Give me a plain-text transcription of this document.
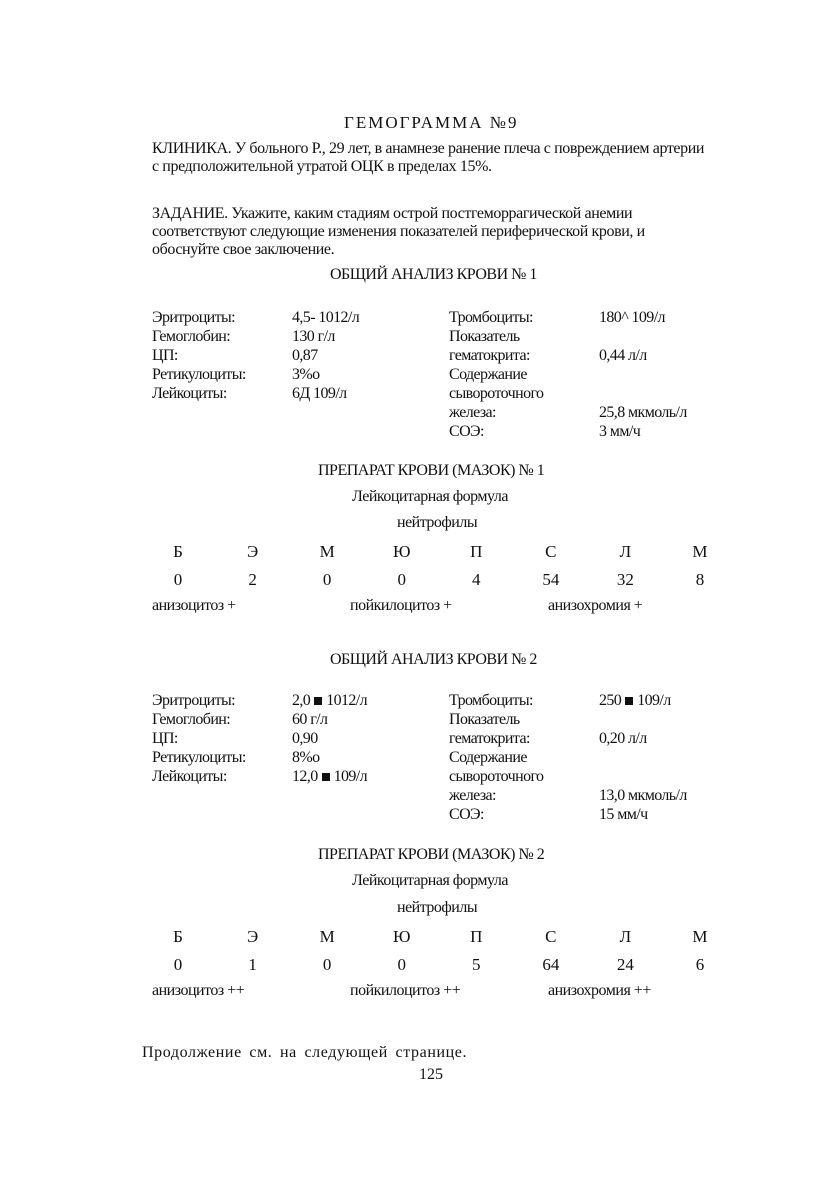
ГЕМОГРАММА №9
КЛИНИКА. У больного Р., 29 лет, в анамнезе ранение плеча с повреждением артерии с предположительной утратой ОЦК в пределах 15%.
ЗАДАНИЕ. Укажите, каким стадиям острой постгеморрагической анемии соответствуют следующие изменения показателей периферической крови, и обоснуйте свое заключение.
ОБЩИЙ АНАЛИЗ КРОВИ № 1
Эритроциты:	4,5- 1012/л
Гемоглобин:	130 г/л
ЦП:	0,87
Ретикулоциты:	3%о
Лейкоциты:	6Д 109/л
Тромбоциты:	180^ 109/л
Показатель
гематокрита:	0,44 л/л
Содержание
сывороточного
железа:	25,8 мкмоль/л
СОЭ:	3 мм/ч
ПРЕПАРАТ КРОВИ (МАЗОК) № 1
Лейкоцитарная формула
нейтрофилы
Б	Э	М	Ю	П	С	Л	М
0	2	0	0	4	54	32	8
анизоцитоз +	пойкилоцитоз +	анизохромия +
ОБЩИЙ АНАЛИЗ КРОВИ № 2
Эритроциты:	2,0 1012/л
Гемоглобин:	60 г/л
ЦП:	0,90
Ретикулоциты:	8%о
Лейкоциты:	12,0 109/л
Тромбоциты:	250 109/л
Показатель
гематокрита:	0,20 л/л
Содержание
сывороточного
железа:	13,0 мкмоль/л
СОЭ:	15 мм/ч
ПРЕПАРАТ КРОВИ (МАЗОК) № 2
Лейкоцитарная формула
нейтрофилы
Б	Э	М	Ю	П	С	Л	М
0	1	0	0	5	64	24	6
анизоцитоз ++	пойкилоцитоз ++	анизохромия ++
Продолжение см. на следующей странице.
125
